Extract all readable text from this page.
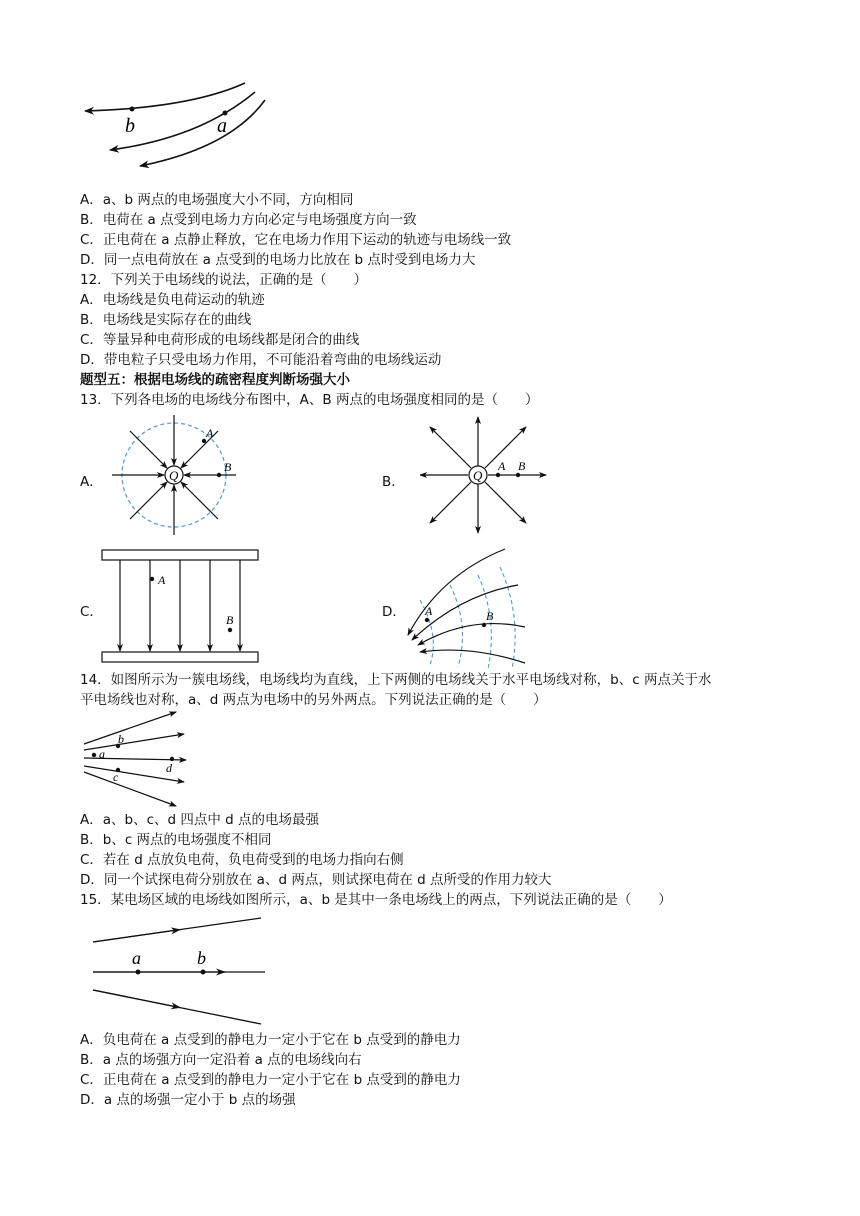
b	a
A．a、b 两点的电场强度大小不同，方向相同
B．电荷在 a 点受到电场力方向必定与电场强度方向一致
C．正电荷在 a 点静止释放，它在电场力作用下运动的轨迹与电场线一致
D．同一点电荷放在 a 点受到的电场力比放在 b 点时受到电场力大
12．下列关于电场线的说法，正确的是（　　）
A．电场线是负电荷运动的轨迹
B．电场线是实际存在的曲线
C．等量异种电荷形成的电场线都是闭合的曲线
D．带电粒子只受电场力作用，不可能沿着弯曲的电场线运动
题型五：根据电场线的疏密程度判断场强大小
13．下列各电场的电场线分布图中，A、B 两点的电场强度相同的是（　　）
A．	Q
A
B
B．	Q
A B
C．
A
B	D． A	B
14．如图所示为一簇电场线，电场线均为直线，上下两侧的电场线关于水平电场线对称，b、c 两点关于水
平电场线也对称，a、d 两点为电场中的另外两点。下列说法正确的是（　　）
a
b
c
d
A．a、b、c、d 四点中 d 点的电场最强
B．b、c 两点的电场强度不相同
C．若在 d 点放负电荷，负电荷受到的电场力指向右侧
D．同一个试探电荷分别放在 a、d 两点，则试探电荷在 d 点所受的作用力较大
15．某电场区域的电场线如图所示，a、b 是其中一条电场线上的两点，下列说法正确的是（　　）
a	b
A．负电荷在 a 点受到的静电力一定小于它在 b 点受到的静电力
B．a 点的场强方向一定沿着 a 点的电场线向右
C．正电荷在 a 点受到的静电力一定小于它在 b 点受到的静电力
D．a 点的场强一定小于 b 点的场强
